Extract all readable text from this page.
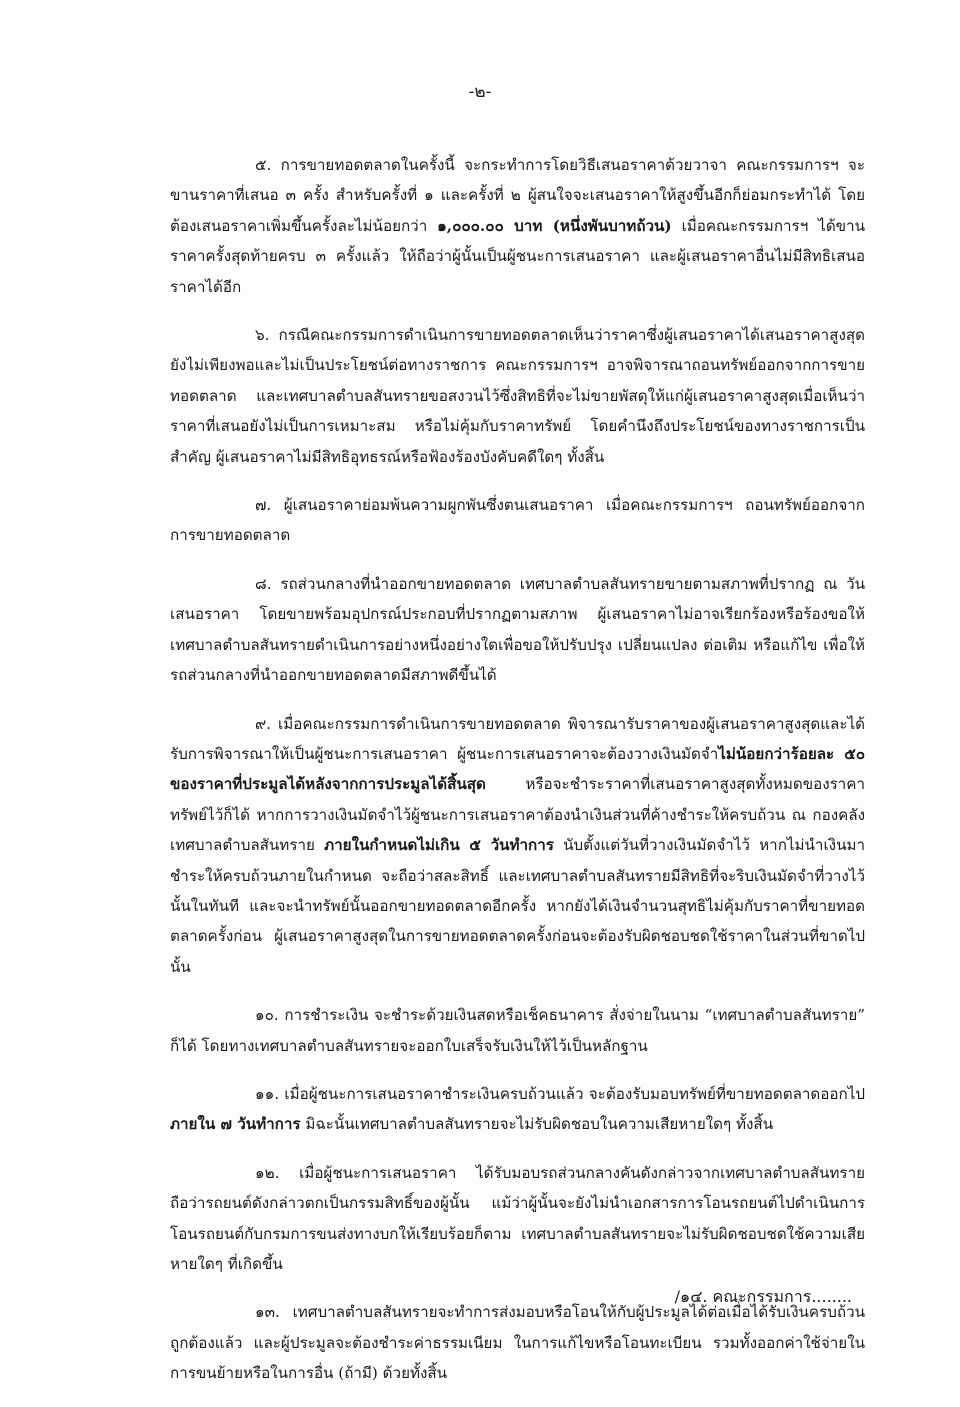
-๒-

๕. การขายทอดตลาดในครั้งนี้ จะกระทำการโดยวิธีเสนอราคาด้วยวาจา คณะกรรมการฯ จะขานราคาที่เสนอ ๓ ครั้ง สำหรับครั้งที่ ๑ และครั้งที่ ๒ ผู้สนใจจะเสนอราคาให้สูงขึ้นอีกก็ย่อมกระทำได้ โดยต้องเสนอราคาเพิ่มขึ้นครั้งละไม่น้อยกว่า ๑,๐๐๐.๐๐ บาท (หนึ่งพันบาทถ้วน) เมื่อคณะกรรมการฯ ได้ขานราคาครั้งสุดท้ายครบ ๓ ครั้งแล้ว ให้ถือว่าผู้นั้นเป็นผู้ชนะการเสนอราคา และผู้เสนอราคาอื่นไม่มีสิทธิเสนอราคาได้อีก

๖. กรณีคณะกรรมการดำเนินการขายทอดตลาดเห็นว่าราคาซึ่งผู้เสนอราคาได้เสนอราคาสูงสุดยังไม่เพียงพอและไม่เป็นประโยชน์ต่อทางราชการ คณะกรรมการฯ อาจพิจารณาถอนทรัพย์ออกจากการขายทอดตลาด และเทศบาลตำบลสันทรายขอสงวนไว้ซึ่งสิทธิที่จะไม่ขายพัสดุให้แก่ผู้เสนอราคาสูงสุดเมื่อเห็นว่าราคาที่เสนอยังไม่เป็นการเหมาะสม หรือไม่คุ้มกับราคาทรัพย์ โดยคำนึงถึงประโยชน์ของทางราชการเป็นสำคัญ ผู้เสนอราคาไม่มีสิทธิอุทธรณ์หรือฟ้องร้องบังคับคดีใดๆ ทั้งสิ้น

๗. ผู้เสนอราคาย่อมพ้นความผูกพันซึ่งตนเสนอราคา เมื่อคณะกรรมการฯ ถอนทรัพย์ออกจากการขายทอดตลาด

๘. รถส่วนกลางที่นำออกขายทอดตลาด เทศบาลตำบลสันทรายขายตามสภาพที่ปรากฏ ณ วันเสนอราคา โดยขายพร้อมอุปกรณ์ประกอบที่ปรากฏตามสภาพ ผู้เสนอราคาไม่อาจเรียกร้องหรือร้องขอให้เทศบาลตำบลสันทรายดำเนินการอย่างหนึ่งอย่างใดเพื่อขอให้ปรับปรุง เปลี่ยนแปลง ต่อเติม หรือแก้ไข เพื่อให้รถส่วนกลางที่นำออกขายทอดตลาดมีสภาพดีขึ้นได้

๙. เมื่อคณะกรรมการดำเนินการขายทอดตลาด พิจารณารับราคาของผู้เสนอราคาสูงสุดและได้รับการพิจารณาให้เป็นผู้ชนะการเสนอราคา ผู้ชนะการเสนอราคาจะต้องวางเงินมัดจำไม่น้อยกว่าร้อยละ ๕๐ ของราคาที่ประมูลได้หลังจากการประมูลได้สิ้นสุด หรือจะชำระราคาที่เสนอราคาสูงสุดทั้งหมดของราคาทรัพย์ไว้ก็ได้ หากการวางเงินมัดจำไว้ผู้ชนะการเสนอราคาต้องนำเงินส่วนที่ค้างชำระให้ครบถ้วน ณ กองคลัง เทศบาลตำบลสันทราย ภายในกำหนดไม่เกิน ๕ วันทำการ นับตั้งแต่วันที่วางเงินมัดจำไว้ หากไม่นำเงินมาชำระให้ครบถ้วนภายในกำหนด จะถือว่าสละสิทธิ์ และเทศบาลตำบลสันทรายมีสิทธิที่จะริบเงินมัดจำที่วางไว้นั้นในทันที และจะนำทรัพย์นั้นออกขายทอดตลาดอีกครั้ง หากยังได้เงินจำนวนสุทธิไม่คุ้มกับราคาที่ขายทอดตลาดครั้งก่อน ผู้เสนอราคาสูงสุดในการขายทอดตลาดครั้งก่อนจะต้องรับผิดชอบชดใช้ราคาในส่วนที่ขาดไปนั้น

๑๐. การชำระเงิน จะชำระด้วยเงินสดหรือเช็คธนาคาร สั่งจ่ายในนาม “เทศบาลตำบลสันทราย” ก็ได้ โดยทางเทศบาลตำบลสันทรายจะออกใบเสร็จรับเงินให้ไว้เป็นหลักฐาน

๑๑. เมื่อผู้ชนะการเสนอราคาชำระเงินครบถ้วนแล้ว จะต้องรับมอบทรัพย์ที่ขายทอดตลาดออกไปภายใน ๗ วันทำการ มิฉะนั้นเทศบาลตำบลสันทรายจะไม่รับผิดชอบในความเสียหายใดๆ ทั้งสิ้น

๑๒. เมื่อผู้ชนะการเสนอราคา ได้รับมอบรถส่วนกลางคันดังกล่าวจากเทศบาลตำบลสันทราย ถือว่ารถยนต์ดังกล่าวตกเป็นกรรมสิทธิ์ของผู้นั้น แม้ว่าผู้นั้นจะยังไม่นำเอกสารการโอนรถยนต์ไปดำเนินการโอนรถยนต์กับกรมการขนส่งทางบกให้เรียบร้อยก็ตาม เทศบาลตำบลสันทรายจะไม่รับผิดชอบชดใช้ความเสียหายใดๆ ที่เกิดขึ้น

๑๓. เทศบาลตำบลสันทรายจะทำการส่งมอบหรือโอนให้กับผู้ประมูลได้ต่อเมื่อได้รับเงินครบถ้วนถูกต้องแล้ว และผู้ประมูลจะต้องชำระค่าธรรมเนียม ในการแก้ไขหรือโอนทะเบียน รวมทั้งออกค่าใช้จ่ายในการขนย้ายหรือในการอื่น (ถ้ามี) ด้วยทั้งสิ้น

/๑๔. คณะกรรมการ........
